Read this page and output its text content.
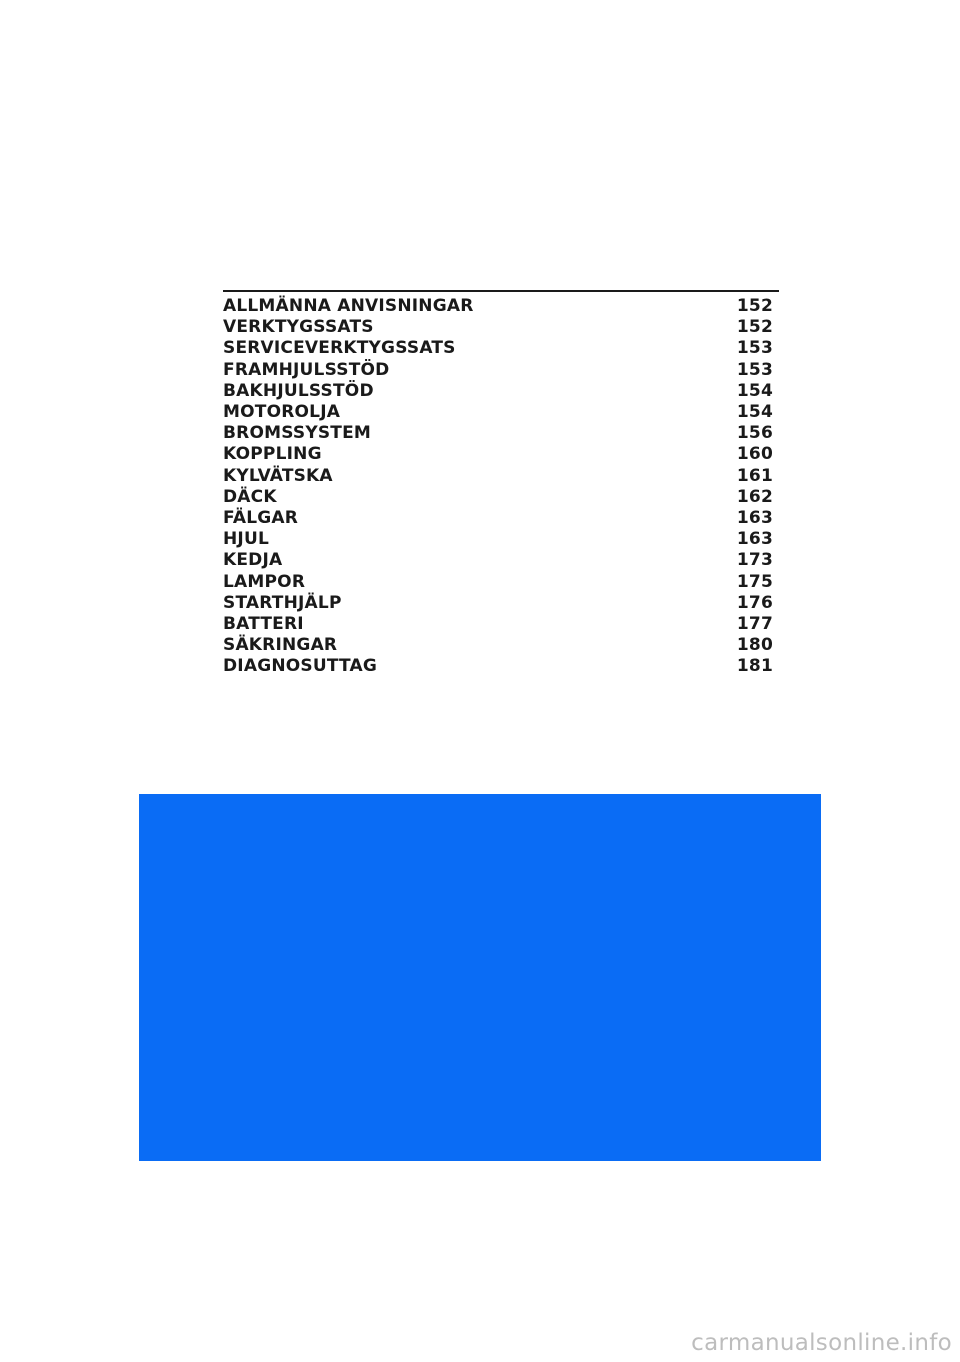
ALLMÄNNA ANVISNINGAR	152
VERKTYGSSATS	152
SERVICEVERKTYGSSATS	153
FRAMHJULSSTÖD	153
BAKHJULSSTÖD	154
MOTOROLJA	154
BROMSSYSTEM	156
KOPPLING	160
KYLVÄTSKA	161
DÄCK	162
FÄLGAR	163
HJUL	163
KEDJA	173
LAMPOR	175
STARTHJÄLP	176
BATTERI	177
SÄKRINGAR	180
DIAGNOSUTTAG	181
carmanualsonline.info
